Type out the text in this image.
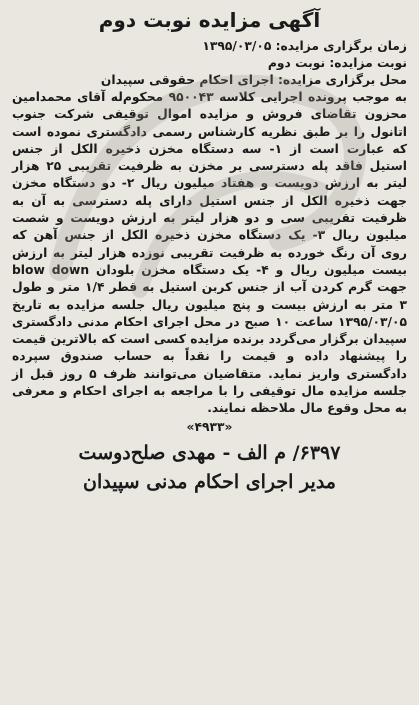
آگهی مزایده نوبت دوم
زمان برگزاری مزایده: ۱۳۹۵/۰۳/۰۵
نوبت مزایده: نوبت دوم
محل برگزاری مزایده: اجرای احکام حقوقی سپیدان

به موجب پرونده اجرایی کلاسه ۹۵۰۰۴۳ محکوم‌له آقای محمدامین محزون تقاضای فروش و مزایده اموال توقیفی شرکت جنوب اتانول را بر طبق نظریه کارشناس رسمی دادگستری نموده است که عبارت است از ۱- سه دستگاه مخزن ذخیره الکل از جنس استیل فاقد پله دسترسی بر مخزن به ظرفیت تقریبی ۲۵ هزار لیتر به ارزش دویست و هفتاد میلیون ریال ۲- دو دستگاه مخزن جهت ذخیره الکل از جنس استیل دارای پله دسترسی به آن به ظرفیت تقریبی سی و دو هزار لیتر به ارزش دویست و شصت میلیون ریال ۳- یک دستگاه مخزن ذخیره الکل از جنس آهن که روی آن رنگ خورده به ظرفیت تقریبی نوزده هزار لیتر به ارزش بیست میلیون ریال و ۴- یک دستگاه مخزن بلودان blow down جهت گرم کردن آب از جنس کربن استیل به قطر ۱/۴ متر و طول ۳ متر به ارزش بیست و پنج میلیون ریال جلسه مزایده به تاریخ ۱۳۹۵/۰۳/۰۵ ساعت ۱۰ صبح در محل اجرای احکام مدنی دادگستری سپیدان برگزار می‌گردد برنده مزایده کسی است که بالاترین قیمت را پیشنهاد داده و قیمت را نقداً به حساب صندوق سپرده دادگستری واریز نماید. متقاضیان می‌توانند ظرف ۵ روز قبل از جلسه مزایده مال توقیفی را با مراجعه به اجرای احکام و معرفی به محل وقوع مال ملاحظه نمایند.

«۴۹۳۳»
۶۳۹۷/ م الف - مهدی صلح‌دوست
مدیر اجرای احکام مدنی سپیدان
